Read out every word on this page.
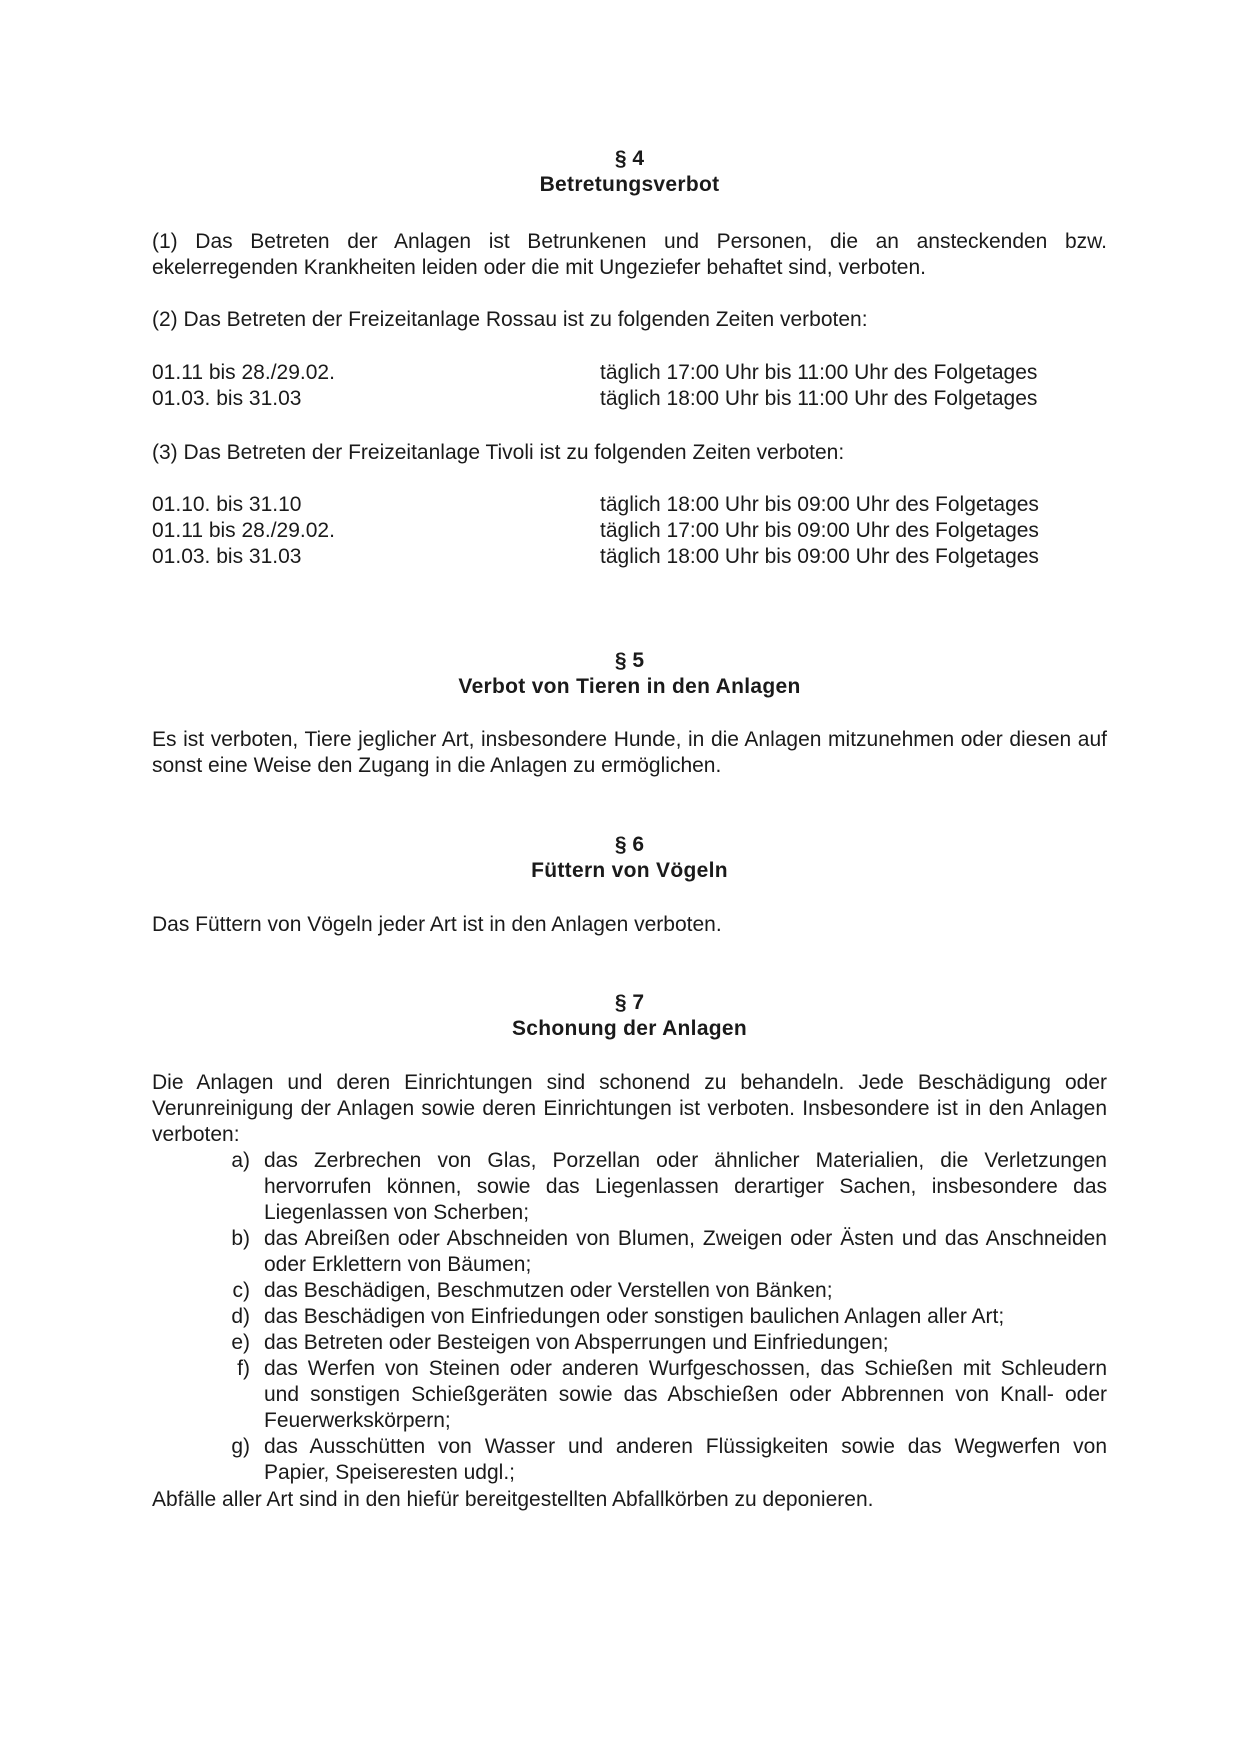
§ 4
Betretungsverbot

(1) Das Betreten der Anlagen ist Betrunkenen und Personen, die an ansteckenden bzw. ekelerregenden Krankheiten leiden oder die mit Ungeziefer behaftet sind, verboten.

(2) Das Betreten der Freizeitanlage Rossau ist zu folgenden Zeiten verboten:

01.11 bis 28./29.02.	täglich 17:00 Uhr bis 11:00 Uhr des Folgetages
01.03. bis 31.03	täglich 18:00 Uhr bis 11:00 Uhr des Folgetages

(3) Das Betreten der Freizeitanlage Tivoli ist zu folgenden Zeiten verboten:

01.10. bis 31.10	täglich 18:00 Uhr bis 09:00 Uhr des Folgetages
01.11 bis 28./29.02.	täglich 17:00 Uhr bis 09:00 Uhr des Folgetages
01.03. bis 31.03	täglich 18:00 Uhr bis 09:00 Uhr des Folgetages
§ 5
Verbot von Tieren in den Anlagen

Es ist verboten, Tiere jeglicher Art, insbesondere Hunde, in die Anlagen mitzunehmen oder diesen auf sonst eine Weise den Zugang in die Anlagen zu ermöglichen.

§ 6
Füttern von Vögeln

Das Füttern von Vögeln jeder Art ist in den Anlagen verboten.

§ 7
Schonung der Anlagen

Die Anlagen und deren Einrichtungen sind schonend zu behandeln. Jede Beschädigung oder Verunreinigung der Anlagen sowie deren Einrichtungen ist verboten. Insbesondere ist in den Anlagen verboten:

a) das Zerbrechen von Glas, Porzellan oder ähnlicher Materialien, die Verletzungen hervorrufen können, sowie das Liegenlassen derartiger Sachen, insbesondere das Liegenlassen von Scherben;
b) das Abreißen oder Abschneiden von Blumen, Zweigen oder Ästen und das Anschneiden oder Erklettern von Bäumen;
c) das Beschädigen, Beschmutzen oder Verstellen von Bänken;
d) das Beschädigen von Einfriedungen oder sonstigen baulichen Anlagen aller Art;
e) das Betreten oder Besteigen von Absperrungen und Einfriedungen;
f) das Werfen von Steinen oder anderen Wurfgeschossen, das Schießen mit Schleudern und sonstigen Schießgeräten sowie das Abschießen oder Abbrennen von Knall- oder Feuerwerkskörpern;
g) das Ausschütten von Wasser und anderen Flüssigkeiten sowie das Wegwerfen von Papier, Speiseresten udgl.;

Abfälle aller Art sind in den hiefür bereitgestellten Abfallkörben zu deponieren.
